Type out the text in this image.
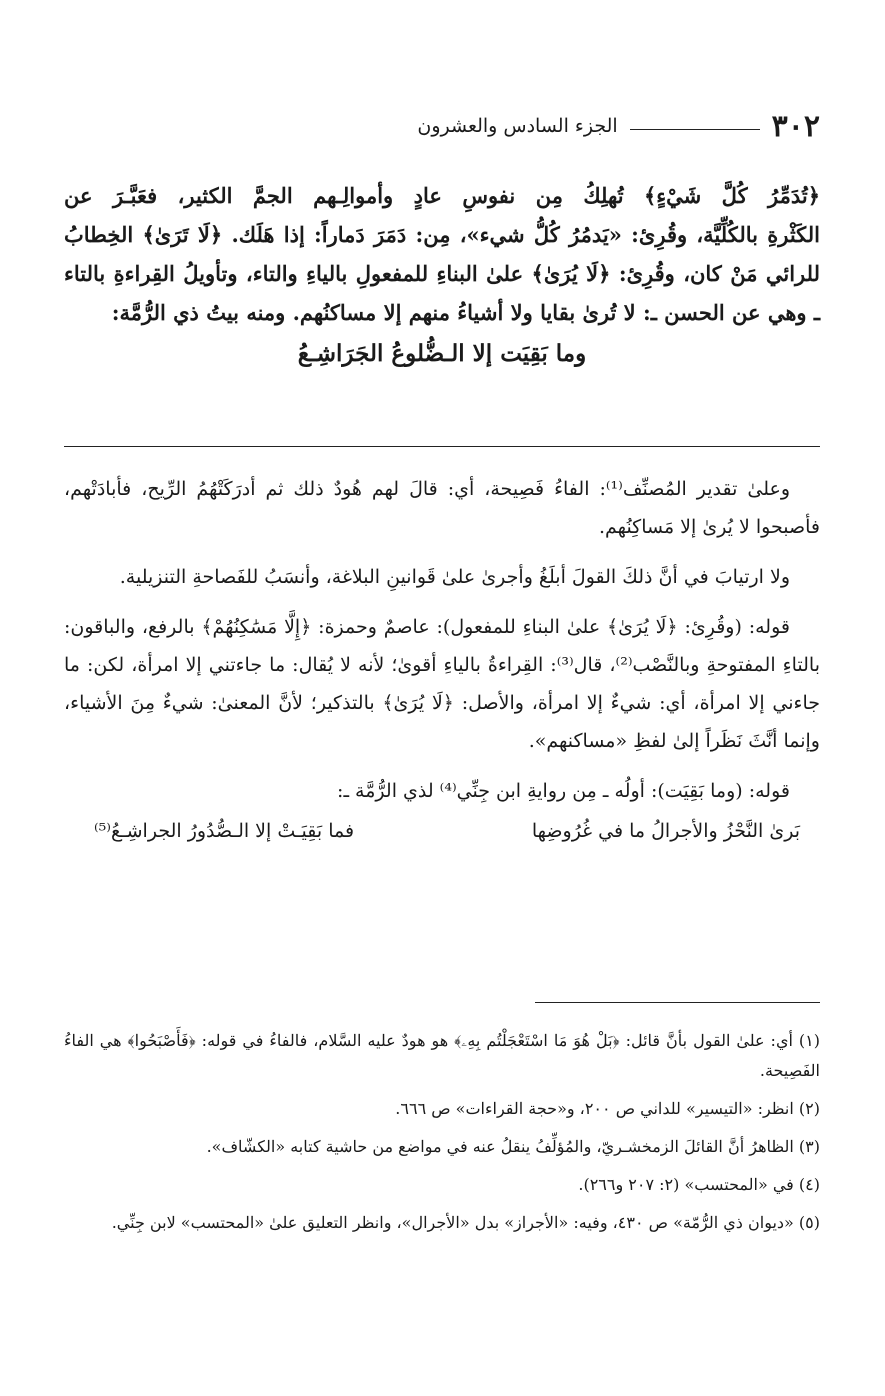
٣٠٢
الجزء السادس والعشرون

﴿تُدَمِّرُ كُلَّ شَيْءٍ﴾ تُهلِكُ مِن نفوسِ عادٍ وأموالِـهم الجمَّ الكثير، فعَبَّـرَ عن

الكَثْرةِ بالكُلِّيَّة، وقُرِئ: «يَدمُرُ كُلُّ شيء»، مِن: دَمَرَ دَماراً: إذا هَلَك. ﴿لَا تَرَىٰ﴾ الخِطابُ

للرائي مَنْ كان، وقُرِئ: ﴿لَا يُرَىٰ﴾ علىٰ البناءِ للمفعولِ بالياءِ والتاء، وتأويلُ القِراءةِ بالتاء

ـ وهي عن الحسن ـ: لا تُرىٰ بقايا ولا أشياءُ منهم إلا مساكنُهم. ومنه بيتُ ذي الرُّمَّة:

وما بَقِيَت إلا الـضُّلوعُ الجَرَاشِـعُ

وعلىٰ تقدير المُصنِّف⁽¹⁾: الفاءُ فَصِيحة، أي: قالَ لهم هُودٌ ذلك ثم أدرَكَتْهُمُ الرِّيح، فأبادَتْهم، فأصبحوا لا يُرىٰ إلا مَساكِنُهم.

ولا ارتيابَ في أنَّ ذلكَ القولَ أبلَغُ وأجرىٰ علىٰ قَوانينِ البلاغة، وأنسَبُ للفَصاحةِ التنزيلية.

قوله: (وقُرِئ: ﴿لَا يُرَىٰ﴾ علىٰ البناءِ للمفعول): عاصمٌ وحمزة: ﴿إِلَّا مَسَٰكِنُهُمْ﴾ بالرفع، والباقون: بالتاءِ المفتوحةِ وبالنَّصْب⁽²⁾، قال⁽³⁾: القِراءةُ بالياءِ أقوىٰ؛ لأنه لا يُقال: ما جاءتني إلا امرأة، لكن: ما جاءني إلا امرأة، أي: شيءٌ إلا امرأة، والأصل: ﴿لَا يُرَىٰ﴾ بالتذكير؛ لأنَّ المعنىٰ: شيءٌ مِنَ الأشياء، وإنما أنَّثَ نَظَراً إلىٰ لفظِ «مساكنهم».

قوله: (وما بَقِيَت): أولُه ـ مِن روايةِ ابن جِنِّي⁽⁴⁾ لذي الرُّمَّة ـ:

بَرىٰ النَّحْزُ والأجرالُ ما في غُرُوضِها
فما بَقِيَـتْ إلا الـصُّدُورُ الجراشِـعُ⁽⁵⁾
(١) أي: علىٰ القول بأنَّ قائل: ﴿بَلْ هُوَ مَا اسْتَعْجَلْتُم بِهِۦ﴾ هو هودٌ عليه السَّلام، فالفاءُ في قوله: ﴿فَأَصْبَحُوا﴾ هي الفاءُ الفَصِيحة.
(٢) انظر: «التيسير» للداني ص ٢٠٠، و«حجة القراءات» ص ٦٦٦.
(٣) الظاهرُ أنَّ القائلَ الزمخشـريّ، والمُؤلِّفُ ينقلُ عنه في مواضع من حاشية كتابه «الكشّاف».
(٤) في «المحتسب» (٢: ٢٠٧ و٢٦٦).
(٥) «ديوان ذي الرُّمّة» ص ٤٣٠، وفيه: «الأجراز» بدل «الأجرال»، وانظر التعليق علىٰ «المحتسب» لابن جِنِّي.
